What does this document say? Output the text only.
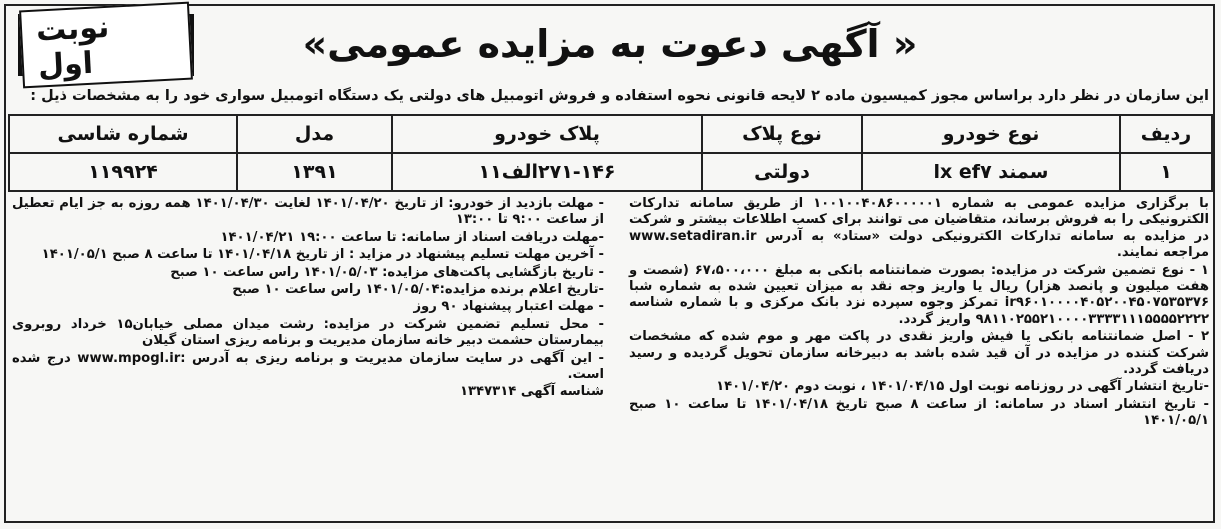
نوبت اول	« آگهی دعوت به مزایده عمومی»
این سازمان در نظر دارد براساس مجوز کمیسیون ماده ۲ لایحه قانونی نحوه استفاده و فروش اتومبیل های دولتی یک دستگاه اتومبیل سواری خود را به مشخصات ذیل :
ردیف	نوع خودرو	نوع پلاک	پلاک خودرو	مدل	شماره شاسی
۱	سمند lx ef۷	دولتی	۲۷۱-۱۴۶الف۱۱	۱۳۹۱	۱۱۹۹۲۴

با برگزاری مزایده عمومی به شماره ۱۰۰۱۰۰۴۰۸۶۰۰۰۰۰۱ از طریق سامانه تدارکات الکترونیکی را به فروش برساند، متقاضیان می توانند برای کسب اطلاعات بیشتر و شرکت در مزایده به سامانه تدارکات الکترونیکی دولت «ستاد» به آدرس www.setadiran.ir مراجعه نمایند.

۱ - نوع تضمین شرکت در مزایده: بصورت ضمانتنامه بانکی به مبلغ ۶۷،۵۰۰،۰۰۰ (شصت و هفت میلیون و پانصد هزار) ریال یا واریز وجه نقد به میزان تعیین شده به شماره شبا ir۹۶۰۱۰۰۰۰۴۰۵۲۰۰۴۵۰۷۵۳۵۳۷۶ تمرکز وجوه سپرده نزد بانک مرکزی و با شماره شناسه ۹۸۱۱۰۲۵۵۲۱۰۰۰۰۳۳۳۳۱۱۱۵۵۵۵۲۲۲۲ واریز گردد.

۲ - اصل ضمانتنامه بانکی یا فیش واریز نقدی در پاکت مهر و موم شده که مشخصات شرکت کننده در مزایده در آن قید شده باشد به دبیرخانه سازمان تحویل گردیده و رسید دریافت گردد.

-تاریخ انتشار آگهی در روزنامه نوبت اول ۱۴۰۱/۰۴/۱۵ ، نوبت دوم ۱۴۰۱/۰۴/۲۰

- تاریخ انتشار اسناد در سامانه: از ساعت ۸ صبح تاریخ ۱۴۰۱/۰۴/۱۸ تا ساعت ۱۰ صبح ۱۴۰۱/۰۵/۱

- مهلت بازدید از خودرو: از تاریخ ۱۴۰۱/۰۴/۲۰ لغایت ۱۴۰۱/۰۴/۳۰ همه روزه به جز ایام تعطیل از ساعت ۹:۰۰ تا ۱۳:۰۰

-مهلت دریافت اسناد از سامانه: تا ساعت ۱۹:۰۰ ۱۴۰۱/۰۴/۲۱

- آخرین مهلت تسلیم پیشنهاد در مزاید : از تاریخ ۱۴۰۱/۰۴/۱۸ تا ساعت ۸ صبح ۱۴۰۱/۰۵/۱

- تاریخ بازگشایی پاکت‌های مزایده: ۱۴۰۱/۰۵/۰۳ راس ساعت ۱۰ صبح

-تاریخ اعلام برنده مزایده:۱۴۰۱/۰۵/۰۴ راس ساعت ۱۰ صبح

- مهلت اعتبار پیشنهاد ۹۰ روز

- محل تسلیم تضمین شرکت در مزایده: رشت میدان مصلی خیابان۱۵ خرداد روبروی بیمارستان حشمت دبیر خانه سازمان مدیریت و برنامه ریزی استان گیلان

- این آگهی در سایت سازمان مدیریت و برنامه ریزی به آدرس :www.mpogl.ir درج شده است.

شناسه آگهی ۱۳۴۷۳۱۴
